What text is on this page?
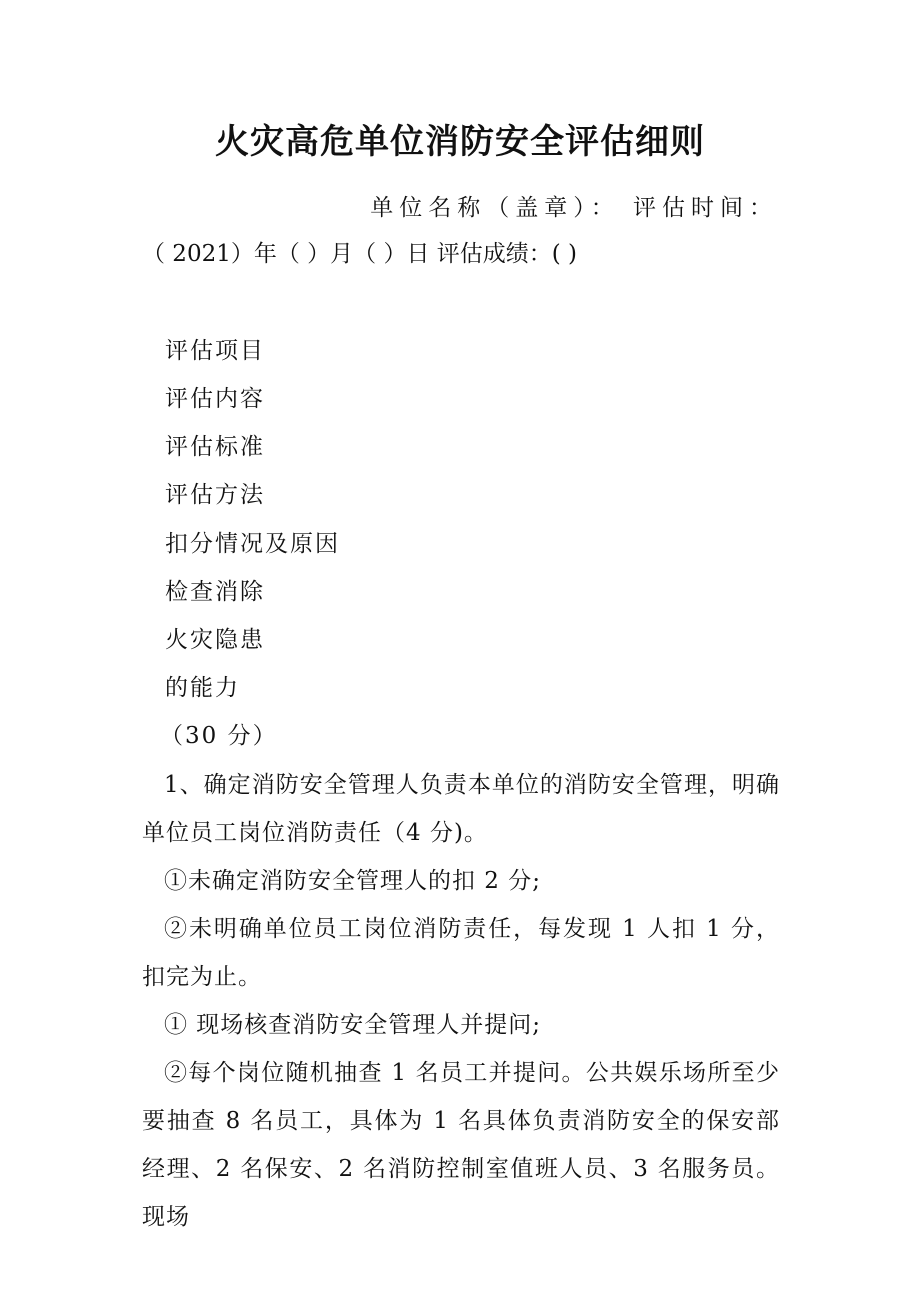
火灾高危单位消防安全评估细则
单位名称（盖章）： 评估时间：
（ 2021）年（ ）月（ ）日 评估成绩：( )
评估项目
评估内容
评估标准
评估方法
扣分情况及原因
检查消除
火灾隐患
的能力
（30 分）
1、确定消防安全管理人负责本单位的消防安全管理，明确单位员工岗位消防责任（4 分)。
①未确定消防安全管理人的扣 2 分;
②未明确单位员工岗位消防责任，每发现 1 人扣 1 分，扣完为止。
① 现场核查消防安全管理人并提问;
②每个岗位随机抽查 1 名员工并提问。公共娱乐场所至少要抽查 8 名员工，具体为 1 名具体负责消防安全的保安部经理、2 名保安、2 名消防控制室值班人员、3 名服务员。现场
